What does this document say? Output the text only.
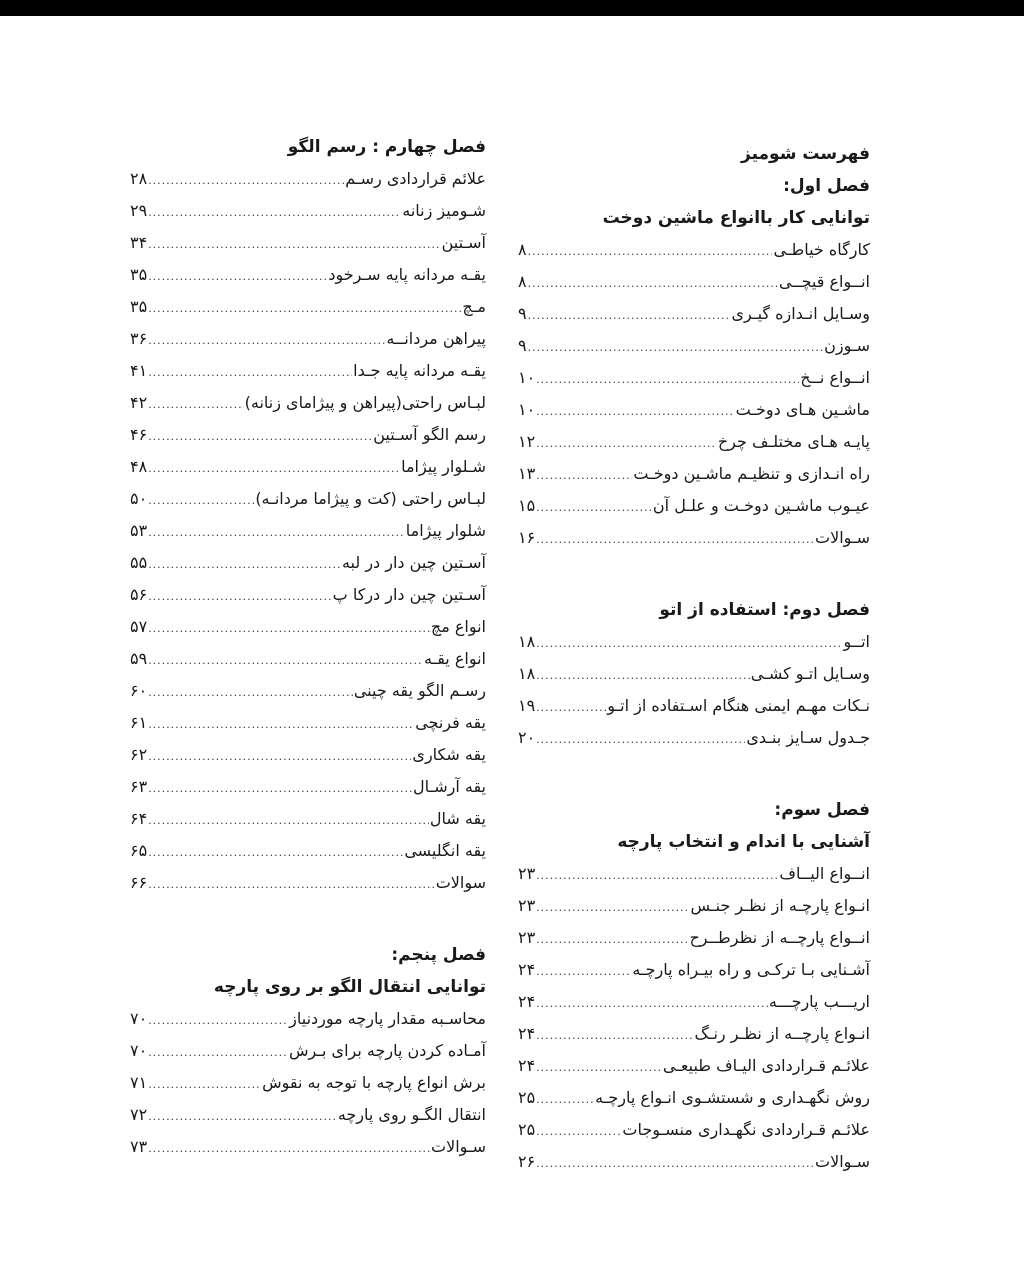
فهرست شومیز
فصل اول:
توانایی کار باانواع ماشین دوخت
کارگاه خیاطـی
.....
۸
انــواع قیچــی
.....
۸
وسـایل انـدازه گیـری
.....
۹
سـوزن
.....
۹
انــواع نــخ
.....
۱۰
ماشـین هـای دوخـت
.....
۱۰
پایـه هـای مختلـف چرخ
.....
۱۲
راه انـدازی و تنظیـم ماشـین دوخـت
.....
۱۳
عیـوب ماشـین دوخـت و علـل آن
.....
۱۵
سـوالات
.....
۱۶
فصل دوم: استفاده از اتو
اتــو
.....
۱۸
وسـایل اتـو کشـی
.....
۱۸
نـکات مهـم ایمنی هنگام اسـتفاده از اتـو
.....
۱۹
جـدول سـایز بنـدی
.....
۲۰
فصل سوم:
آشنایی با اندام و انتخاب پارچه
انــواع الیــاف
.....
۲۳
انـواع پارچـه از نظـر جنـس
.....
۲۳
انــواع پارچــه از نظرطــرح
.....
۲۳
آشـنایی بـا ترکـی و راه بیـراه پارچـه
.....
۲۴
اریـــب پارچـــه
.....
۲۴
انـواع پارچــه از نظـر رنـگ
.....
۲۴
علائـم قـراردادی الیـاف طبیعـی
.....
۲۴
روش نگهـداری و شستشـوی انـواع پارچـه
.....
۲۵
علائـم قـراردادی نگهـداری منسـوجات
.....
۲۵
سـوالات
.....
۲۶
فصل چهارم : رسم الگو
علائم قراردادی رسـم
.....
۲۸
شـومیز زنانه
.....
۲۹
آسـتین
.....
۳۴
یقـه مردانه پایه سـرخود
.....
۳۵
مـچ
.....
۳۵
پیراهن مردانــه
.....
۳۶
یقـه مردانه پایه جـدا
.....
۴۱
لبـاس راحتی(پیراهن و پیژامای زنانه)
.....
۴۲
رسم الگو آسـتین
.....
۴۶
شـلوار پیژاما
.....
۴۸
لبـاس راحتی (کت و پیژاما مردانـه)
.....
۵۰
شلوار پیژاما
.....
۵۳
آسـتین چین دار در لبه
.....
۵۵
آسـتین چین دار درکا پ
.....
۵۶
انواع مچ
.....
۵۷
انواع یقـه
.....
۵۹
رسـم الگو یقه چینی
.....
۶۰
یقه فرنچی
.....
۶۱
یقه شکاری
.....
۶۲
یقه آرشـال
.....
۶۳
یقه شال
.....
۶۴
یقه انگلیسی
.....
۶۵
سوالات
.....
۶۶
فصل پنجم:
توانایی انتقال الگو بر روی پارچه
محاسـبه مقدار پارچه موردنیاز
.....
۷۰
آمـاده کردن پارچه برای بـرش
.....
۷۰
برش انواع پارچه با توجه به نقوش
.....
۷۱
انتقال الگـو روی پارچه
.....
۷۲
سـوالات
.....
۷۳
